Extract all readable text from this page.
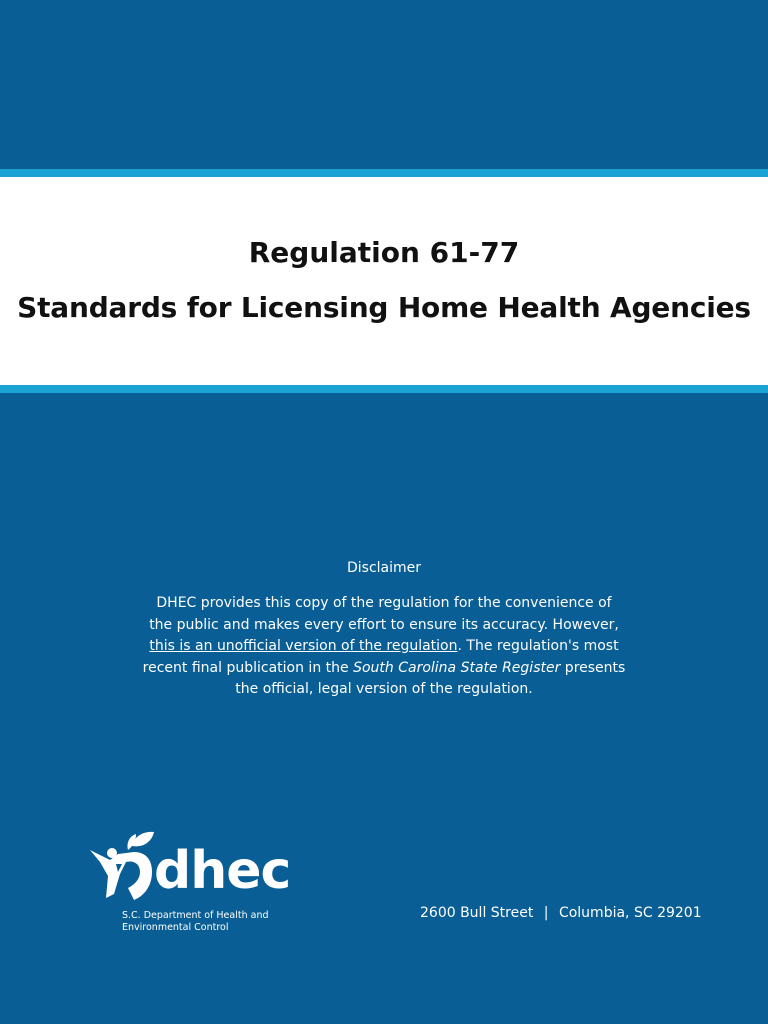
Regulation 61-77
Standards for Licensing Home Health Agencies
Disclaimer
DHEC provides this copy of the regulation for the convenience of
the public and makes every effort to ensure its accuracy. However,
this is an unofficial version of the regulation. The regulation's most
recent final publication in the South Carolina State Register presents
the official, legal version of the regulation.
dhec
S.C. Department of Health and
Environmental Control
2600 Bull Street | Columbia, SC 29201
